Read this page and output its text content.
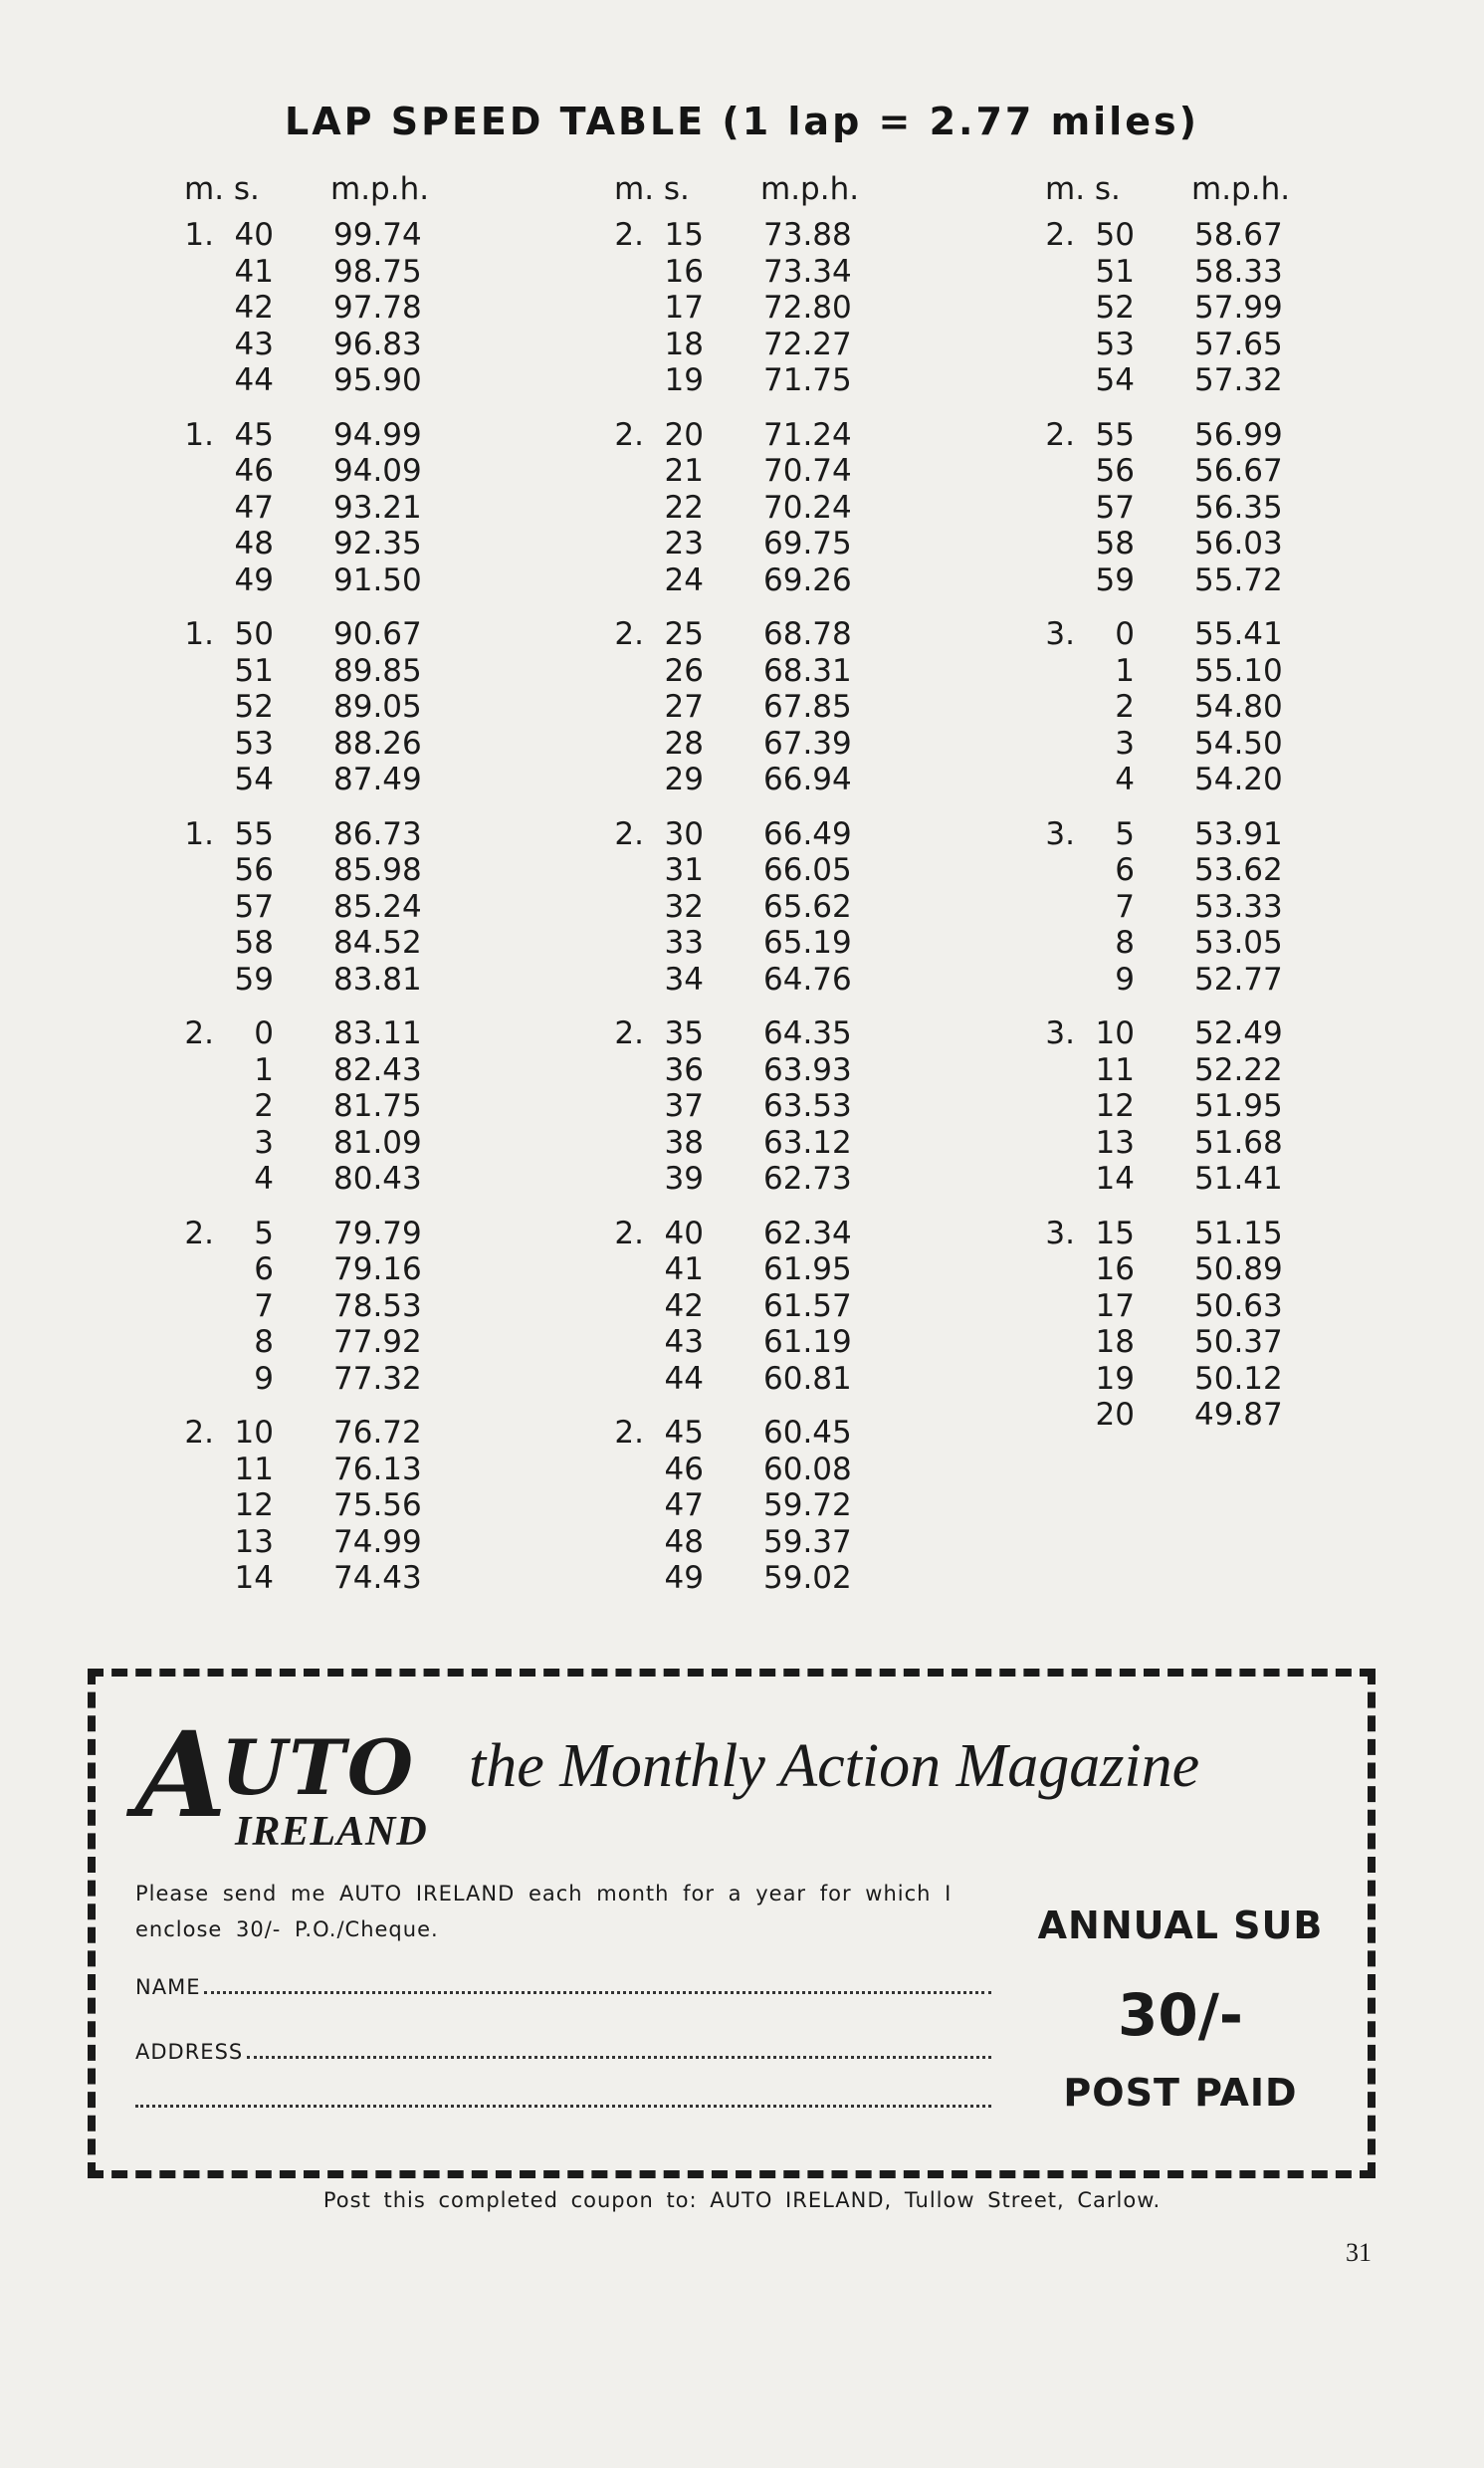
LAP SPEED TABLE (1 lap = 2.77 miles)
m. s. m.p.h.
1. 40 99.74
41 98.75
42 97.78
43 96.83
44 95.90
1. 45 94.99
46 94.09
47 93.21
48 92.35
49 91.50
1. 50 90.67
51 89.85
52 89.05
53 88.26
54 87.49
1. 55 86.73
56 85.98
57 85.24
58 84.52
59 83.81
2.	0 83.11
1 82.43
2 81.75
3 81.09
4 80.43
2.	5 79.79
6 79.16
7 78.53
8 77.92
9 77.32
2. 10 76.72
11 76.13
12 75.56
13 74.99
14 74.43
m. s. m.p.h.
2. 15 73.88
16 73.34
17 72.80
18 72.27
19 71.75
2. 20 71.24
21 70.74
22 70.24
23 69.75
24 69.26
2. 25 68.78
26 68.31
27 67.85
28 67.39
29 66.94
2. 30 66.49
31 66.05
32 65.62
33 65.19
34 64.76
2. 35 64.35
36 63.93
37 63.53
38 63.12
39 62.73
2. 40 62.34
41 61.95
42 61.57
43 61.19
44 60.81
2. 45 60.45
46 60.08
47 59.72
48 59.37
49 59.02
m. s. m.p.h.
2. 50 58.67
51 58.33
52 57.99
53 57.65
54 57.32
2. 55 56.99
56 56.67
57 56.35
58 56.03
59 55.72
3.	0 55.41
1 55.10
2 54.80
3 54.50
4 54.20
3.	5 53.91
6 53.62
7 53.33
8 53.05
9 52.77
3. 10 52.49
11 52.22
12 51.95
13 51.68
14 51.41
3. 15 51.15
16 50.89
17 50.63
18 50.37
19 50.12
20 49.87
A
UTO
IRELAND
the Monthly Action Magazine
Please send me AUTO IRELAND each month for a year for which I enclose 30/- P.O./Cheque.
NAME
ADDRESS
ANNUAL SUB
30/-
POST PAID
Post this completed coupon to: AUTO IRELAND, Tullow Street, Carlow.
31
